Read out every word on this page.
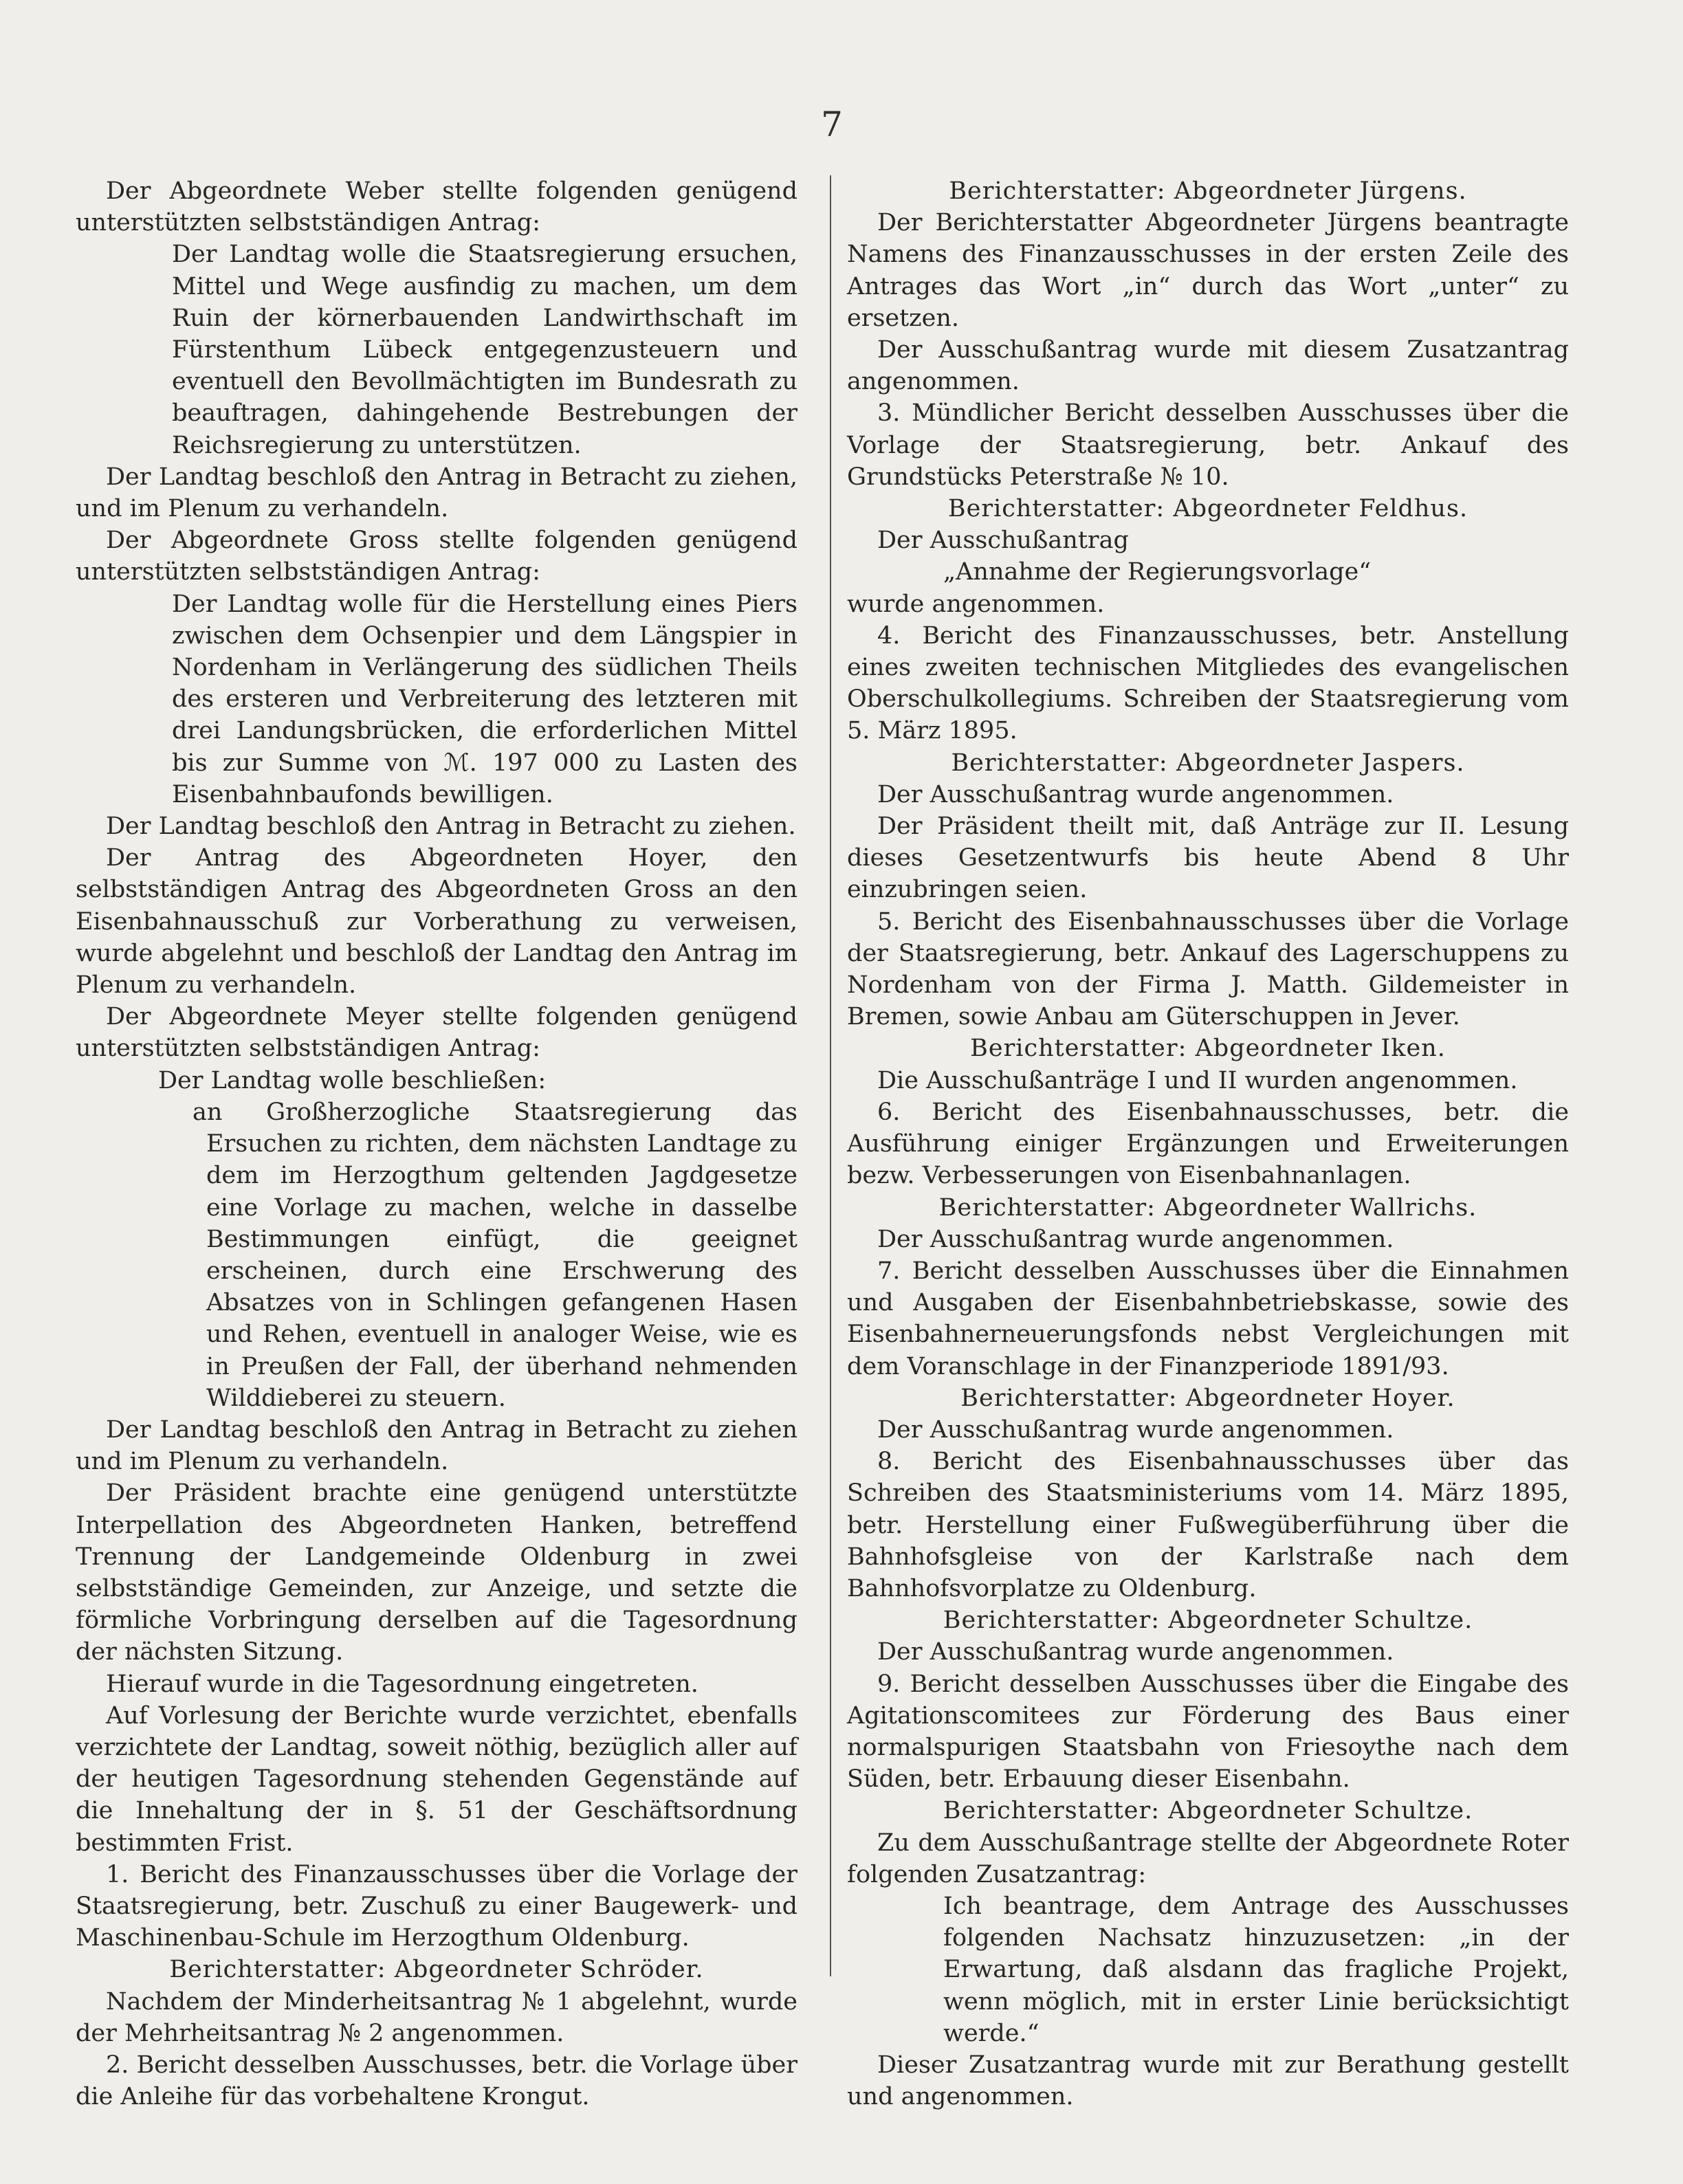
7

Der Abgeordnete Weber stellte folgenden genügend unterstützten selbstständigen Antrag:

Der Landtag wolle die Staatsregierung ersuchen, Mittel und Wege ausfindig zu machen, um dem Ruin der körnerbauenden Landwirthschaft im Fürstenthum Lübeck entgegenzusteuern und eventuell den Bevollmächtigten im Bundesrath zu beauftragen, dahingehende Bestrebungen der Reichsregierung zu unterstützen.

Der Landtag beschloß den Antrag in Betracht zu ziehen, und im Plenum zu verhandeln.

Der Abgeordnete Gross stellte folgenden genügend unterstützten selbstständigen Antrag:

Der Landtag wolle für die Herstellung eines Piers zwischen dem Ochsenpier und dem Längspier in Nordenham in Verlängerung des südlichen Theils des ersteren und Verbreiterung des letzteren mit drei Landungsbrücken, die erforderlichen Mittel bis zur Summe von ℳ. 197 000 zu Lasten des Eisenbahnbaufonds bewilligen.

Der Landtag beschloß den Antrag in Betracht zu ziehen.

Der Antrag des Abgeordneten Hoyer, den selbstständigen Antrag des Abgeordneten Gross an den Eisenbahnausschuß zur Vorberathung zu verweisen, wurde abgelehnt und beschloß der Landtag den Antrag im Plenum zu verhandeln.

Der Abgeordnete Meyer stellte folgenden genügend unterstützten selbstständigen Antrag:

Der Landtag wolle beschließen:

an Großherzogliche Staatsregierung das Ersuchen zu richten, dem nächsten Landtage zu dem im Herzogthum geltenden Jagdgesetze eine Vorlage zu machen, welche in dasselbe Bestimmungen einfügt, die geeignet erscheinen, durch eine Erschwerung des Absatzes von in Schlingen gefangenen Hasen und Rehen, eventuell in analoger Weise, wie es in Preußen der Fall, der überhand nehmenden Wilddieberei zu steuern.

Der Landtag beschloß den Antrag in Betracht zu ziehen und im Plenum zu verhandeln.

Der Präsident brachte eine genügend unterstützte Interpellation des Abgeordneten Hanken, betreffend Trennung der Landgemeinde Oldenburg in zwei selbstständige Gemeinden, zur Anzeige, und setzte die förmliche Vorbringung derselben auf die Tagesordnung der nächsten Sitzung.

Hierauf wurde in die Tagesordnung eingetreten.

Auf Vorlesung der Berichte wurde verzichtet, ebenfalls verzichtete der Landtag, soweit nöthig, bezüglich aller auf der heutigen Tagesordnung stehenden Gegenstände auf die Innehaltung der in §. 51 der Geschäftsordnung bestimmten Frist.

1. Bericht des Finanzausschusses über die Vorlage der Staatsregierung, betr. Zuschuß zu einer Baugewerk- und Maschinenbau-Schule im Herzogthum Oldenburg.

Berichterstatter: Abgeordneter Schröder.

Nachdem der Minderheitsantrag № 1 abgelehnt, wurde der Mehrheitsantrag № 2 angenommen.

2. Bericht desselben Ausschusses, betr. die Vorlage über die Anleihe für das vorbehaltene Krongut.

Berichterstatter: Abgeordneter Jürgens.

Der Berichterstatter Abgeordneter Jürgens beantragte Namens des Finanzausschusses in der ersten Zeile des Antrages das Wort „in“ durch das Wort „unter“ zu ersetzen.

Der Ausschußantrag wurde mit diesem Zusatzantrag angenommen.

3. Mündlicher Bericht desselben Ausschusses über die Vorlage der Staatsregierung, betr. Ankauf des Grundstücks Peterstraße № 10.

Berichterstatter: Abgeordneter Feldhus.

Der Ausschußantrag

„Annahme der Regierungsvorlage“

wurde angenommen.

4. Bericht des Finanzausschusses, betr. Anstellung eines zweiten technischen Mitgliedes des evangelischen Oberschulkollegiums. Schreiben der Staatsregierung vom 5. März 1895.

Berichterstatter: Abgeordneter Jaspers.

Der Ausschußantrag wurde angenommen.

Der Präsident theilt mit, daß Anträge zur II. Lesung dieses Gesetzentwurfs bis heute Abend 8 Uhr einzubringen seien.

5. Bericht des Eisenbahnausschusses über die Vorlage der Staatsregierung, betr. Ankauf des Lagerschuppens zu Nordenham von der Firma J. Matth. Gildemeister in Bremen, sowie Anbau am Güterschuppen in Jever.

Berichterstatter: Abgeordneter Iken.

Die Ausschußanträge I und II wurden angenommen.

6. Bericht des Eisenbahnausschusses, betr. die Ausführung einiger Ergänzungen und Erweiterungen bezw. Verbesserungen von Eisenbahnanlagen.

Berichterstatter: Abgeordneter Wallrichs.

Der Ausschußantrag wurde angenommen.

7. Bericht desselben Ausschusses über die Einnahmen und Ausgaben der Eisenbahnbetriebskasse, sowie des Eisenbahnerneuerungsfonds nebst Vergleichungen mit dem Voranschlage in der Finanzperiode 1891/93.

Berichterstatter: Abgeordneter Hoyer.

Der Ausschußantrag wurde angenommen.

8. Bericht des Eisenbahnausschusses über das Schreiben des Staatsministeriums vom 14. März 1895, betr. Herstellung einer Fußwegüberführung über die Bahnhofsgleise von der Karlstraße nach dem Bahnhofsvorplatze zu Oldenburg.

Berichterstatter: Abgeordneter Schultze.

Der Ausschußantrag wurde angenommen.

9. Bericht desselben Ausschusses über die Eingabe des Agitationscomitees zur Förderung des Baus einer normalspurigen Staatsbahn von Friesoythe nach dem Süden, betr. Erbauung dieser Eisenbahn.

Berichterstatter: Abgeordneter Schultze.

Zu dem Ausschußantrage stellte der Abgeordnete Roter folgenden Zusatzantrag:

Ich beantrage, dem Antrage des Ausschusses folgenden Nachsatz hinzuzusetzen: „in der Erwartung, daß alsdann das fragliche Projekt, wenn möglich, mit in erster Linie berücksichtigt werde.“

Dieser Zusatzantrag wurde mit zur Berathung gestellt und angenommen.
